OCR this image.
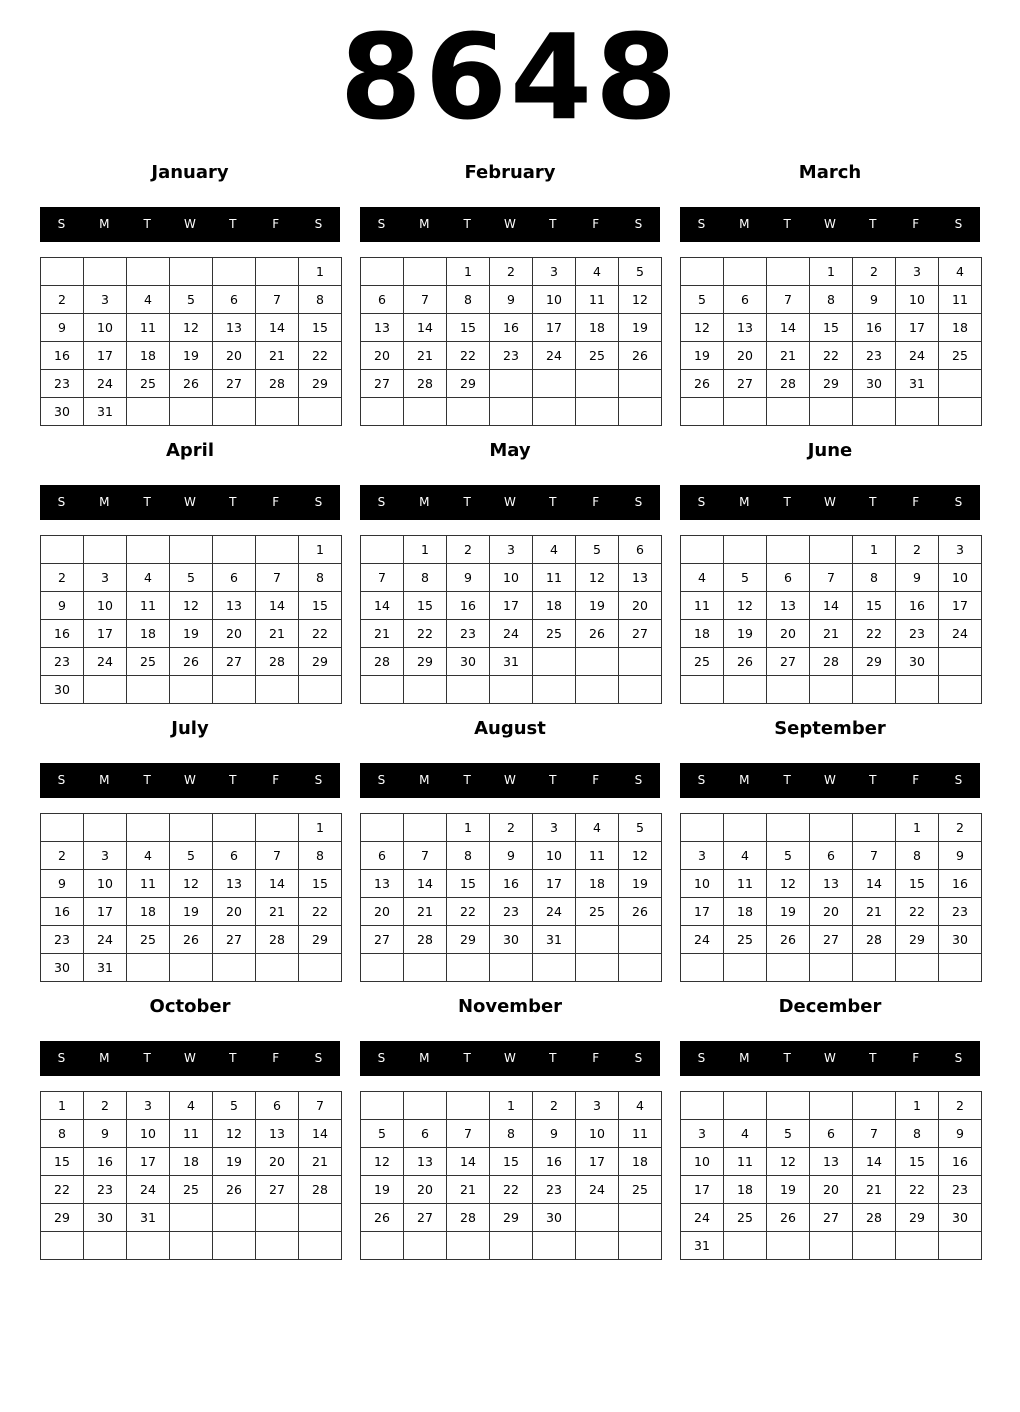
8648
January
S	M	T	W	T	F	S
						1
2	3	4	5	6	7	8
9	10	11	12	13	14	15
16	17	18	19	20	21	22
23	24	25	26	27	28	29
30	31					
February
S	M	T	W	T	F	S
		1	2	3	4	5
6	7	8	9	10	11	12
13	14	15	16	17	18	19
20	21	22	23	24	25	26
27	28	29				

March
S	M	T	W	T	F	S
			1	2	3	4
5	6	7	8	9	10	11
12	13	14	15	16	17	18
19	20	21	22	23	24	25
26	27	28	29	30	31	

April
S	M	T	W	T	F	S
						1
2	3	4	5	6	7	8
9	10	11	12	13	14	15
16	17	18	19	20	21	22
23	24	25	26	27	28	29
30						
May
S	M	T	W	T	F	S
	1	2	3	4	5	6
7	8	9	10	11	12	13
14	15	16	17	18	19	20
21	22	23	24	25	26	27
28	29	30	31			

June
S	M	T	W	T	F	S
				1	2	3
4	5	6	7	8	9	10
11	12	13	14	15	16	17
18	19	20	21	22	23	24
25	26	27	28	29	30	

July
S	M	T	W	T	F	S
						1
2	3	4	5	6	7	8
9	10	11	12	13	14	15
16	17	18	19	20	21	22
23	24	25	26	27	28	29
30	31					
August
S	M	T	W	T	F	S
		1	2	3	4	5
6	7	8	9	10	11	12
13	14	15	16	17	18	19
20	21	22	23	24	25	26
27	28	29	30	31		

September
S	M	T	W	T	F	S
					1	2
3	4	5	6	7	8	9
10	11	12	13	14	15	16
17	18	19	20	21	22	23
24	25	26	27	28	29	30

October
S	M	T	W	T	F	S
1	2	3	4	5	6	7
8	9	10	11	12	13	14
15	16	17	18	19	20	21
22	23	24	25	26	27	28
29	30	31				

November
S	M	T	W	T	F	S
			1	2	3	4
5	6	7	8	9	10	11
12	13	14	15	16	17	18
19	20	21	22	23	24	25
26	27	28	29	30		

December
S	M	T	W	T	F	S
					1	2
3	4	5	6	7	8	9
10	11	12	13	14	15	16
17	18	19	20	21	22	23
24	25	26	27	28	29	30
31						
